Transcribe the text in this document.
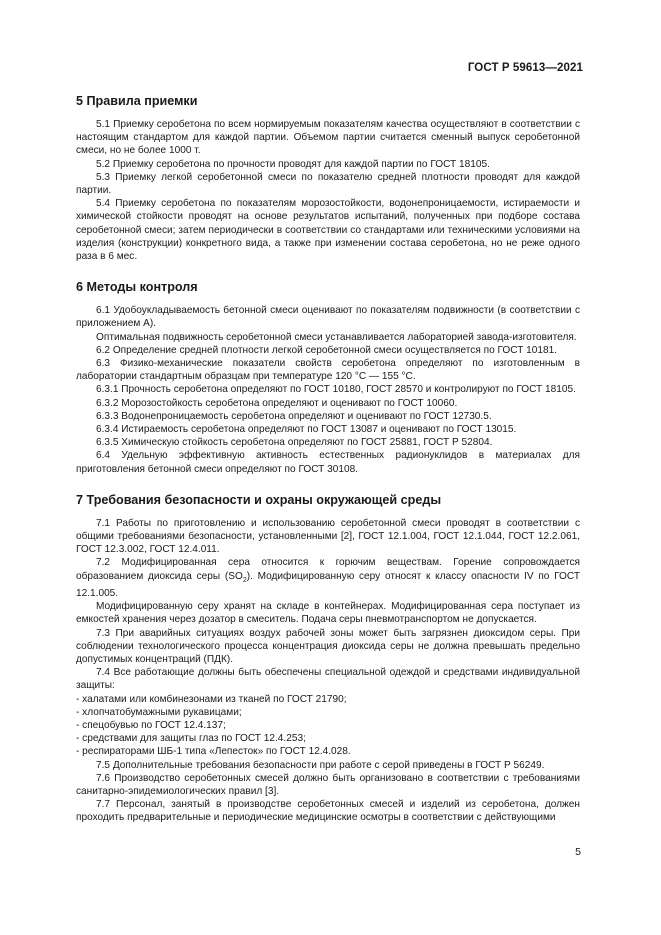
ГОСТ Р 59613—2021
5 Правила приемки

5.1 Приемку серобетона по всем нормируемым показателям качества осуществляют в соответствии с настоящим стандартом для каждой партии. Объемом партии считается сменный выпуск серобетонной смеси, но не более 1000 т.

5.2 Приемку серобетона по прочности проводят для каждой партии по ГОСТ 18105.

5.3 Приемку легкой серобетонной смеси по показателю средней плотности проводят для каждой партии.

5.4 Приемку серобетона по показателям морозостойкости, водонепроницаемости, истираемости и химической стойкости проводят на основе результатов испытаний, полученных при подборе состава серобетонной смеси; затем периодически в соответствии со стандартами или техническими условиями на изделия (конструкции) конкретного вида, а также при изменении состава серобетона, но не реже одного раза в 6 мес.

6 Методы контроля

6.1 Удобоукладываемость бетонной смеси оценивают по показателям подвижности (в соответствии с приложением А).

Оптимальная подвижность серобетонной смеси устанавливается лабораторией завода-изготовителя.

6.2 Определение средней плотности легкой серобетонной смеси осуществляется по ГОСТ 10181.

6.3 Физико-механические показатели свойств серобетона определяют по изготовленным в лаборатории стандартным образцам при температуре 120 °C — 155 °C.

6.3.1 Прочность серобетона определяют по ГОСТ 10180, ГОСТ 28570 и контролируют по ГОСТ 18105.

6.3.2 Морозостойкость серобетона определяют и оценивают по ГОСТ 10060.

6.3.3 Водонепроницаемость серобетона определяют и оценивают по ГОСТ 12730.5.

6.3.4 Истираемость серобетона определяют по ГОСТ 13087 и оценивают по ГОСТ 13015.

6.3.5 Химическую стойкость серобетона определяют по ГОСТ 25881, ГОСТ Р 52804.

6.4 Удельную эффективную активность естественных радионуклидов в материалах для приготовления бетонной смеси определяют по ГОСТ 30108.

7 Требования безопасности и охраны окружающей среды

7.1 Работы по приготовлению и использованию серобетонной смеси проводят в соответствии с общими требованиями безопасности, установленными [2], ГОСТ 12.1.004, ГОСТ 12.1.044, ГОСТ 12.2.061, ГОСТ 12.3.002, ГОСТ 12.4.011.

7.2 Модифицированная сера относится к горючим веществам. Горение сопровождается образованием диоксида серы $(SO_2)$. Модифицированную серу относят к классу опасности IV по ГОСТ 12.1.005.

Модифицированную серу хранят на складе в контейнерах. Модифицированная сера поступает из емкостей хранения через дозатор в смеситель. Подача серы пневмотранспортом не допускается.

7.3 При аварийных ситуациях воздух рабочей зоны может быть загрязнен диоксидом серы. При соблюдении технологического процесса концентрация диоксида серы не должна превышать предельно допустимых концентраций (ПДК).

7.4 Все работающие должны быть обеспечены специальной одеждой и средствами индивидуальной защиты:

- халатами или комбинезонами из тканей по ГОСТ 21790;

- хлопчатобумажными рукавицами;

- спецобувью по ГОСТ 12.4.137;

- средствами для защиты глаз по ГОСТ 12.4.253;

- респираторами ШБ-1 типа «Лепесток» по ГОСТ 12.4.028.

7.5 Дополнительные требования безопасности при работе с серой приведены в ГОСТ Р 56249.

7.6 Производство серобетонных смесей должно быть организовано в соответствии с требованиями санитарно-эпидемиологических правил [3].

7.7 Персонал, занятый в производстве серобетонных смесей и изделий из серобетона, должен проходить предварительные и периодические медицинские осмотры в соответствии с действующими

5
